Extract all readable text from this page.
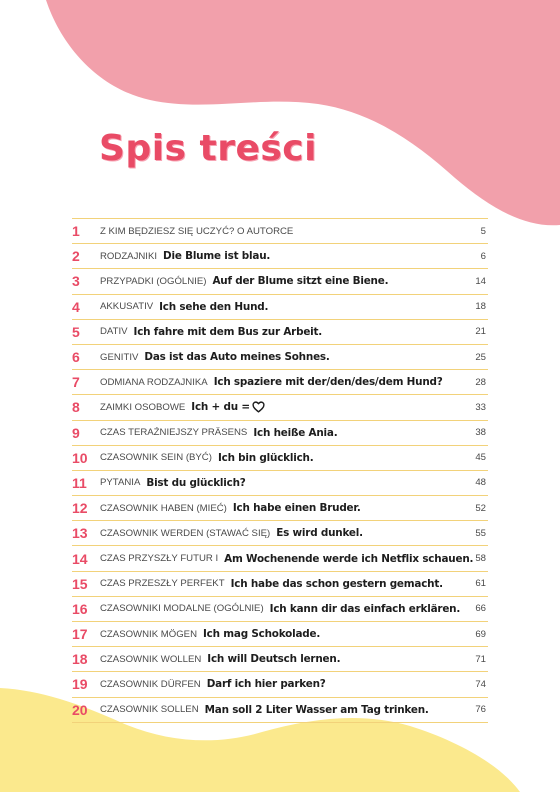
Spis treści
1	Z KIM BĘDZIESZ SIĘ UCZYĆ? O AUTORCE	5
2	RODZAJNIKI Die Blume ist blau.	6
3	PRZYPADKI (OGÓLNIE) Auf der Blume sitzt eine Biene.	14
4	AKKUSATIV Ich sehe den Hund.	18
5	DATIV Ich fahre mit dem Bus zur Arbeit.	21
6	GENITIV Das ist das Auto meines Sohnes.	25
7	ODMIANA RODZAJNIKA Ich spaziere mit der/den/des/dem Hund?	28
8	ZAIMKI OSOBOWE Ich + du =	33
9	CZAS TERAŹNIEJSZY PRÄSENS Ich heiße Ania.	38
10	CZASOWNIK SEIN (BYĆ) Ich bin glücklich.	45
11	PYTANIA Bist du glücklich?	48
12	CZASOWNIK HABEN (MIEĆ) Ich habe einen Bruder.	52
13	CZASOWNIK WERDEN (STAWAĆ SIĘ) Es wird dunkel.	55
14	CZAS PRZYSZŁY FUTUR I Am Wochenende werde ich Netflix schauen. 58
15	CZAS PRZESZŁY PERFEKT Ich habe das schon gestern gemacht.	61
16	CZASOWNIKI MODALNE (OGÓLNIE) Ich kann dir das einfach erklären. 66
17	CZASOWNIK MÖGEN Ich mag Schokolade.	69
18	CZASOWNIK WOLLEN Ich will Deutsch lernen.	71
19	CZASOWNIK DÜRFEN Darf ich hier parken?	74
20	CZASOWNIK SOLLEN Man soll 2 Liter Wasser am Tag trinken.	76
